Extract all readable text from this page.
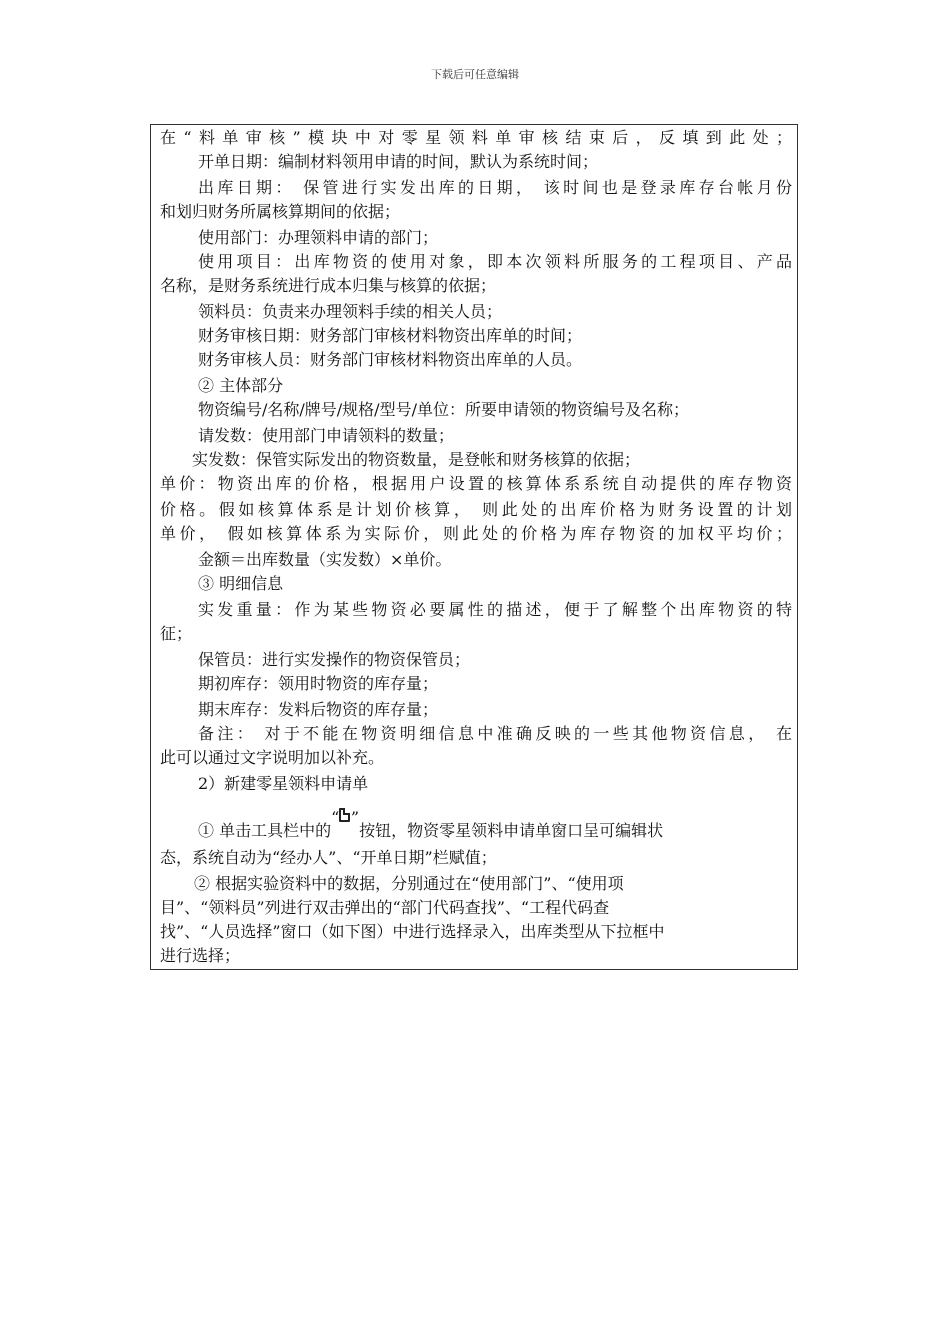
下载后可任意编辑
在“料单审核”模块中对零星领料单审核结束后，反填到此处；
开单日期：编制材料领用申请的时间，默认为系统时间；
出库日期： 保管进行实发出库的日期， 该时间也是登录库存台帐月份
和划归财务所属核算期间的依据；
使用部门：办理领料申请的部门；
使用项目：出库物资的使用对象，即本次领料所服务的工程项目、产品
名称，是财务系统进行成本归集与核算的依据；
领料员：负责来办理领料手续的相关人员；
财务审核日期：财务部门审核材料物资出库单的时间；
财务审核人员：财务部门审核材料物资出库单的人员。
② 主体部分
物资编号/名称/牌号/规格/型号/单位：所要申请领的物资编号及名称；
请发数：使用部门申请领料的数量；
实发数：保管实际发出的物资数量，是登帐和财务核算的依据；
单价：物资出库的价格，根据用户设置的核算体系系统自动提供的库存物资
价格。假如核算体系是计划价核算， 则此处的出库价格为财务设置的计划
单价， 假如核算体系为实际价，则此处的价格为库存物资的加权平均价；
金额＝出库数量（实发数）×单价。
③ 明细信息
实发重量：作为某些物资必要属性的描述，便于了解整个出库物资的特
征；
保管员：进行实发操作的物资保管员；
期初库存：领用时物资的库存量；
期末库存：发料后物资的库存量；
备注： 对于不能在物资明细信息中准确反映的一些其他物资信息， 在
此可以通过文字说明加以补充。
2）新建零星领料申请单
① 单击工具栏中的
“ ”
按钮，物资零星领料申请单窗口呈可编辑状
态，系统自动为“经办人”、“开单日期”栏赋值；
② 根据实验资料中的数据，分别通过在“使用部门”、“使用项
目”、“领料员”列进行双击弹出的“部门代码查找”、“工程代码查
找”、“人员选择”窗口（如下图）中进行选择录入，出库类型从下拉框中
进行选择；
